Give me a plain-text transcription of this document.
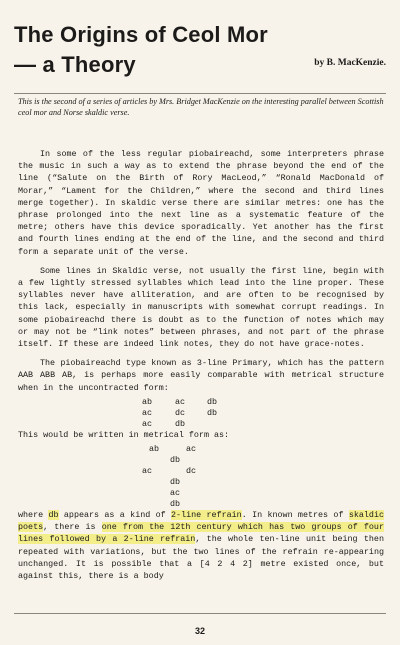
The Origins of Ceol Mor— a Theory	by B. MacKenzie.
This is the second of a series of articles by Mrs. Bridget MacKenzie on the interesting parallel between Scottish ceol mor and Norse skaldic verse.

In some of the less regular piobaireachd, some interpreters phrase the music in such a way as to extend the phrase beyond the end of the line (“Salute on the Birth of Rory MacLeod,” “Ronald MacDonald of Morar,” “Lament for the Children,” where the second and third lines merge together). In skaldic verse there are similar metres: one has the phrase prolonged into the next line as a systematic feature of the metre; others have this device sporadically. Yet another has the first and fourth lines ending at the end of the line, and the second and third form a separate unit of the verse.

Some lines in Skaldic verse, not usually the first line, begin with a few lightly stressed syllables which lead into the line proper. These syllables never have alliteration, and are often to be recognised by this lack, especially in manuscripts with somewhat corrupt readings. In some piobaireachd there is doubt as to the function of notes which may or may not be “link notes” between phrases, and not part of the phrase itself. If these are indeed link notes, they do not have grace-notes.

The piobaireachd type known as 3-line Primary, which has the pattern AAB ABB AB, is perhaps more easily comparable with metrical structure when in the uncontracted form:

ab	ac	db
ac	dc	db
ac	db

This would be written in metrical form as:

ab	ac
db
ac	dc
db
ac
db

where db appears as a kind of 2-line refrain. In known metres of skaldic poets, there is one from the 12th century which has two groups of four lines followed by a 2-line refrain, the whole ten-line unit being then repeated with variations, but the two lines of the refrain re-appearing unchanged. It is possible that a [4 2 4 2] metre existed once, but against this, there is a body

32
